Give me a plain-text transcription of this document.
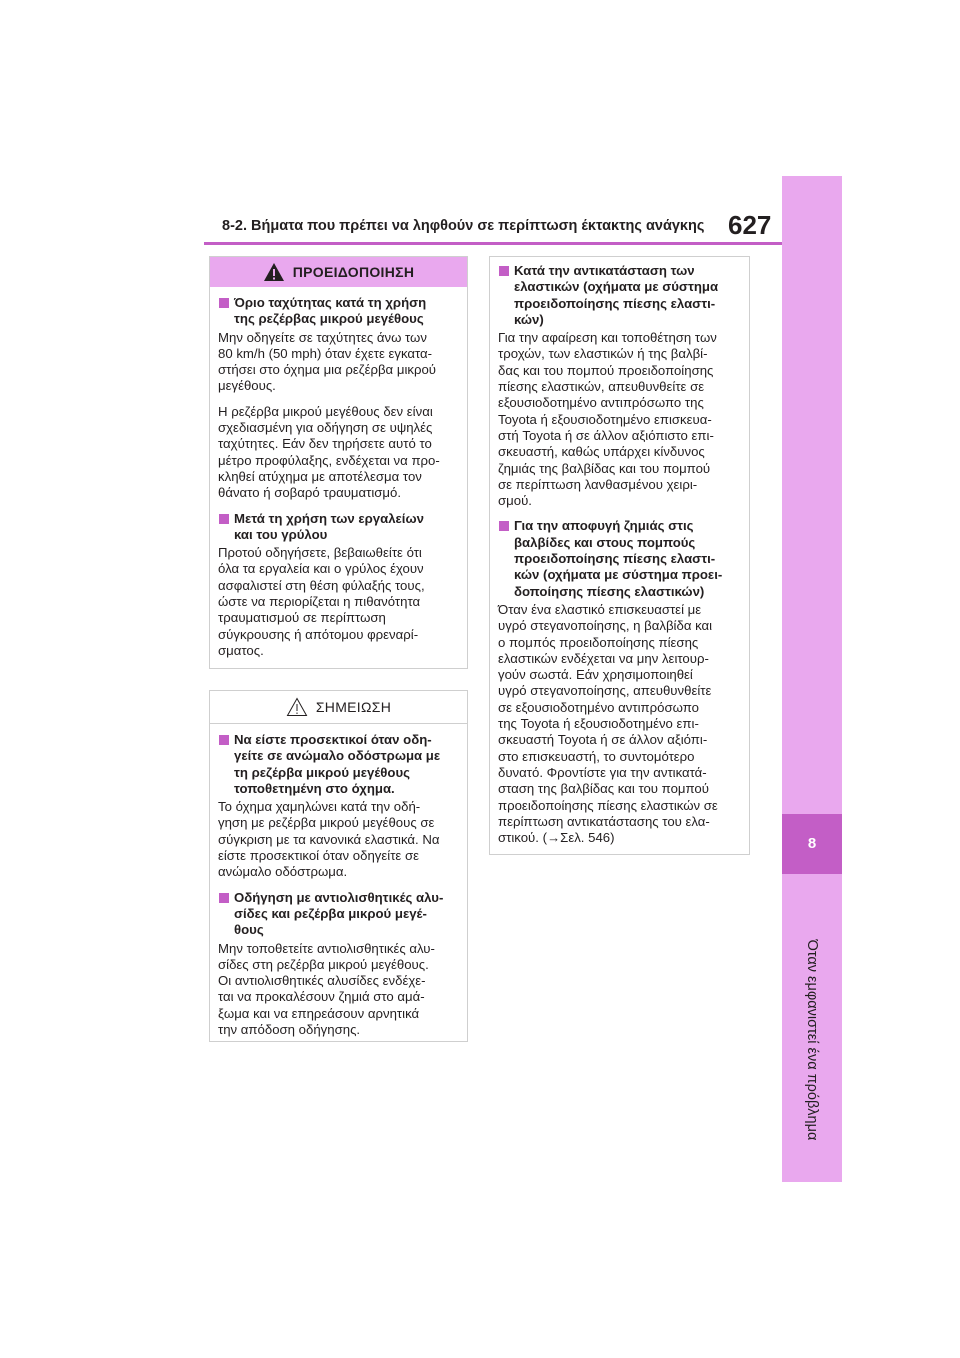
8-2. Βήματα που πρέπει να ληφθούν σε περίπτωση έκτακτης ανάγκης 627
8
Όταν εμφανιστεί ένα πρόβλημα
ΠΡΟΕΙΔΟΠΟΙΗΣΗ
Όριο ταχύτητας κατά τη χρήση
της ρεζέρβας μικρού μεγέθους

Μην οδηγείτε σε ταχύτητες άνω των
80 km/h (50 mph) όταν έχετε εγκατα-
στήσει στο όχημα μια ρεζέρβα μικρού
μεγέθους.

Η ρεζέρβα μικρού μεγέθους δεν είναι
σχεδιασμένη για οδήγηση σε υψηλές
ταχύτητες. Εάν δεν τηρήσετε αυτό το
μέτρο προφύλαξης, ενδέχεται να προ-
κληθεί ατύχημα με αποτέλεσμα τον
θάνατο ή σοβαρό τραυματισμό.

Μετά τη χρήση των εργαλείων
και του γρύλου

Προτού οδηγήσετε, βεβαιωθείτε ότι
όλα τα εργαλεία και ο γρύλος έχουν
ασφαλιστεί στη θέση φύλαξής τους,
ώστε να περιορίζεται η πιθανότητα
τραυματισμού σε περίπτωση
σύγκρουσης ή απότομου φρεναρί-
σματος.

ΣΗΜΕΙΩΣΗ
Να είστε προσεκτικοί όταν οδη-
γείτε σε ανώμαλο οδόστρωμα με
τη ρεζέρβα μικρού μεγέθους
τοποθετημένη στο όχημα.

Το όχημα χαμηλώνει κατά την οδή-
γηση με ρεζέρβα μικρού μεγέθους σε
σύγκριση με τα κανονικά ελαστικά. Να
είστε προσεκτικοί όταν οδηγείτε σε
ανώμαλο οδόστρωμα.

Οδήγηση με αντιολισθητικές αλυ-
σίδες και ρεζέρβα μικρού μεγέ-
θους

Μην τοποθετείτε αντιολισθητικές αλυ-
σίδες στη ρεζέρβα μικρού μεγέθους.
Οι αντιολισθητικές αλυσίδες ενδέχε-
ται να προκαλέσουν ζημιά στο αμά-
ξωμα και να επηρεάσουν αρνητικά
την απόδοση οδήγησης.

Κατά την αντικατάσταση των
ελαστικών (οχήματα με σύστημα
προειδοποίησης πίεσης ελαστι-
κών)

Για την αφαίρεση και τοποθέτηση των
τροχών, των ελαστικών ή της βαλβί-
δας και του πομπού προειδοποίησης
πίεσης ελαστικών, απευθυνθείτε σε
εξουσιοδοτημένο αντιπρόσωπο της
Toyota ή εξουσιοδοτημένο επισκευα-
στή Toyota ή σε άλλον αξιόπιστο επι-
σκευαστή, καθώς υπάρχει κίνδυνος
ζημιάς της βαλβίδας και του πομπού
σε περίπτωση λανθασμένου χειρι-
σμού.

Για την αποφυγή ζημιάς στις
βαλβίδες και στους πομπούς
προειδοποίησης πίεσης ελαστι-
κών (οχήματα με σύστημα προει-
δοποίησης πίεσης ελαστικών)

Όταν ένα ελαστικό επισκευαστεί με
υγρό στεγανοποίησης, η βαλβίδα και
ο πομπός προειδοποίησης πίεσης
ελαστικών ενδέχεται να μην λειτουρ-
γούν σωστά. Εάν χρησιμοποιηθεί
υγρό στεγανοποίησης, απευθυνθείτε
σε εξουσιοδοτημένο αντιπρόσωπο
της Toyota ή εξουσιοδοτημένο επι-
σκευαστή Toyota ή σε άλλον αξιόπι-
στο επισκευαστή, το συντομότερο
δυνατό. Φροντίστε για την αντικατά-
σταση της βαλβίδας και του πομπού
προειδοποίησης πίεσης ελαστικών σε
περίπτωση αντικατάστασης του ελα-
στικού. (→Σελ. 546)
